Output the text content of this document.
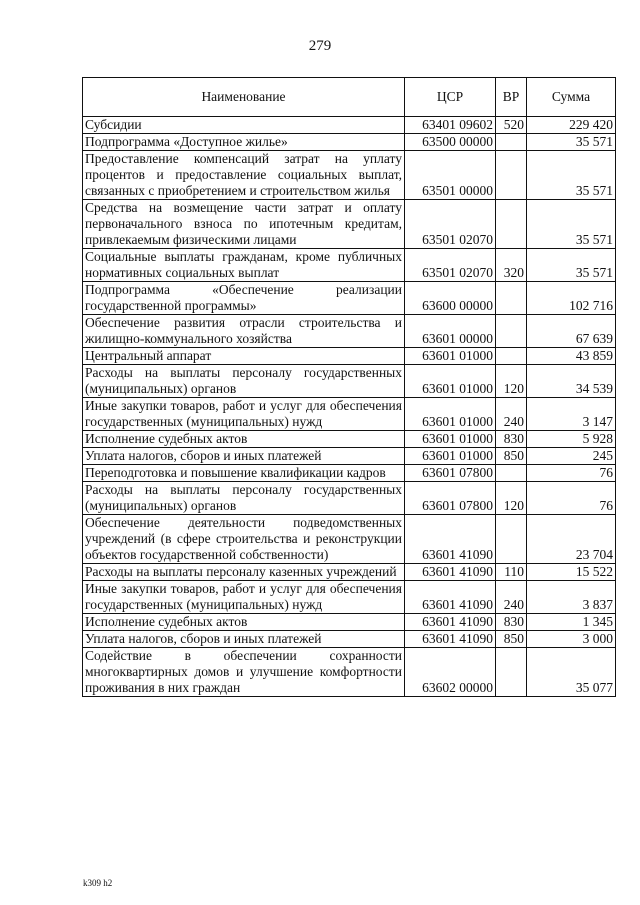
279
Наименование	ЦСР	ВР	Сумма
Субсидии	63401 09602	520	229 420
Подпрограмма «Доступное жилье»	63500 00000		35 571
Предоставление компенсаций затрат на уплату процентов и предоставление социальных выплат, связанных с приобретением и строительством жилья	63501 00000		35 571
Средства на возмещение части затрат и оплату первоначального взноса по ипотечным кредитам, привлекаемым физическими лицами	63501 02070		35 571
Социальные выплаты гражданам, кроме публичных нормативных социальных выплат	63501 02070	320	35 571
Подпрограмма «Обеспечение реализации государственной программы»	63600 00000		102 716
Обеспечение развития отрасли строительства и жилищно-коммунального хозяйства	63601 00000		67 639
Центральный аппарат	63601 01000		43 859
Расходы на выплаты персоналу государственных (муниципальных) органов	63601 01000	120	34 539
Иные закупки товаров, работ и услуг для обеспечения государственных (муниципальных) нужд	63601 01000	240	3 147
Исполнение судебных актов	63601 01000	830	5 928
Уплата налогов, сборов и иных платежей	63601 01000	850	245
Переподготовка и повышение квалификации кадров	63601 07800		76
Расходы на выплаты персоналу государственных (муниципальных) органов	63601 07800	120	76
Обеспечение деятельности подведомственных учреждений (в сфере строительства и реконструкции объектов государственной собственности)	63601 41090		23 704
Расходы на выплаты персоналу казенных учреждений	63601 41090	110	15 522
Иные закупки товаров, работ и услуг для обеспечения государственных (муниципальных) нужд	63601 41090	240	3 837
Исполнение судебных актов	63601 41090	830	1 345
Уплата налогов, сборов и иных платежей	63601 41090	850	3 000
Содействие в обеспечении сохранности многоквартирных домов и улучшение комфортности проживания в них граждан	63602 00000		35 077
k309 h2
